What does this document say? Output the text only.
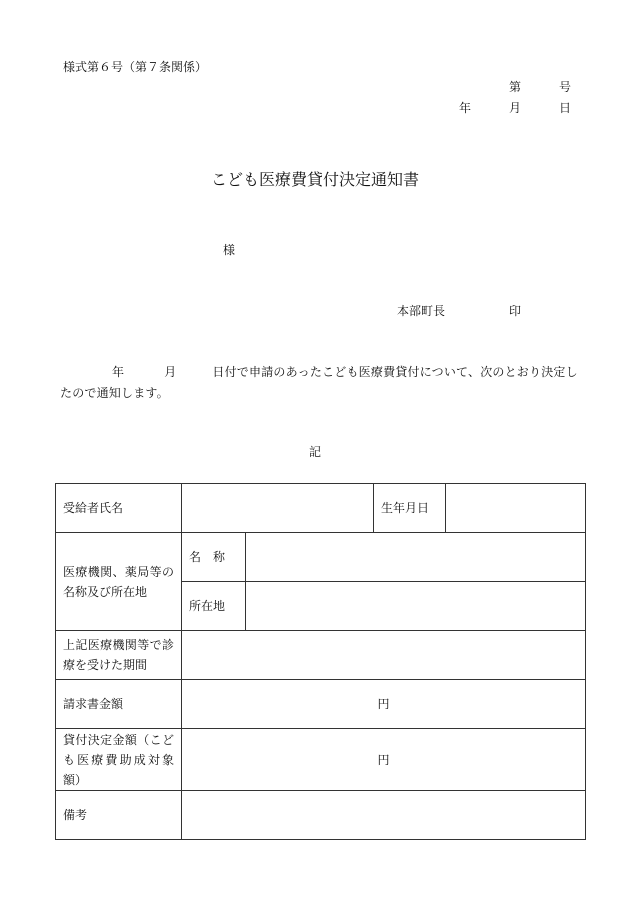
様式第６号（第７条関係）
第	号
年	月	日
こども医療費貸付決定通知書
様
本部町長	印
年	月	日付で申請のあったこども医療費貸付について、次のとおり決定し
たので通知します。
記
受給者氏名			生年月日	
医療機関、薬局等の名称及び所在地	名　称			
	所在地			
上記医療機関等で診療を受けた期間				
請求書金額	円			
貸付決定金額（こども医療費助成対象額）	円			
備考				
